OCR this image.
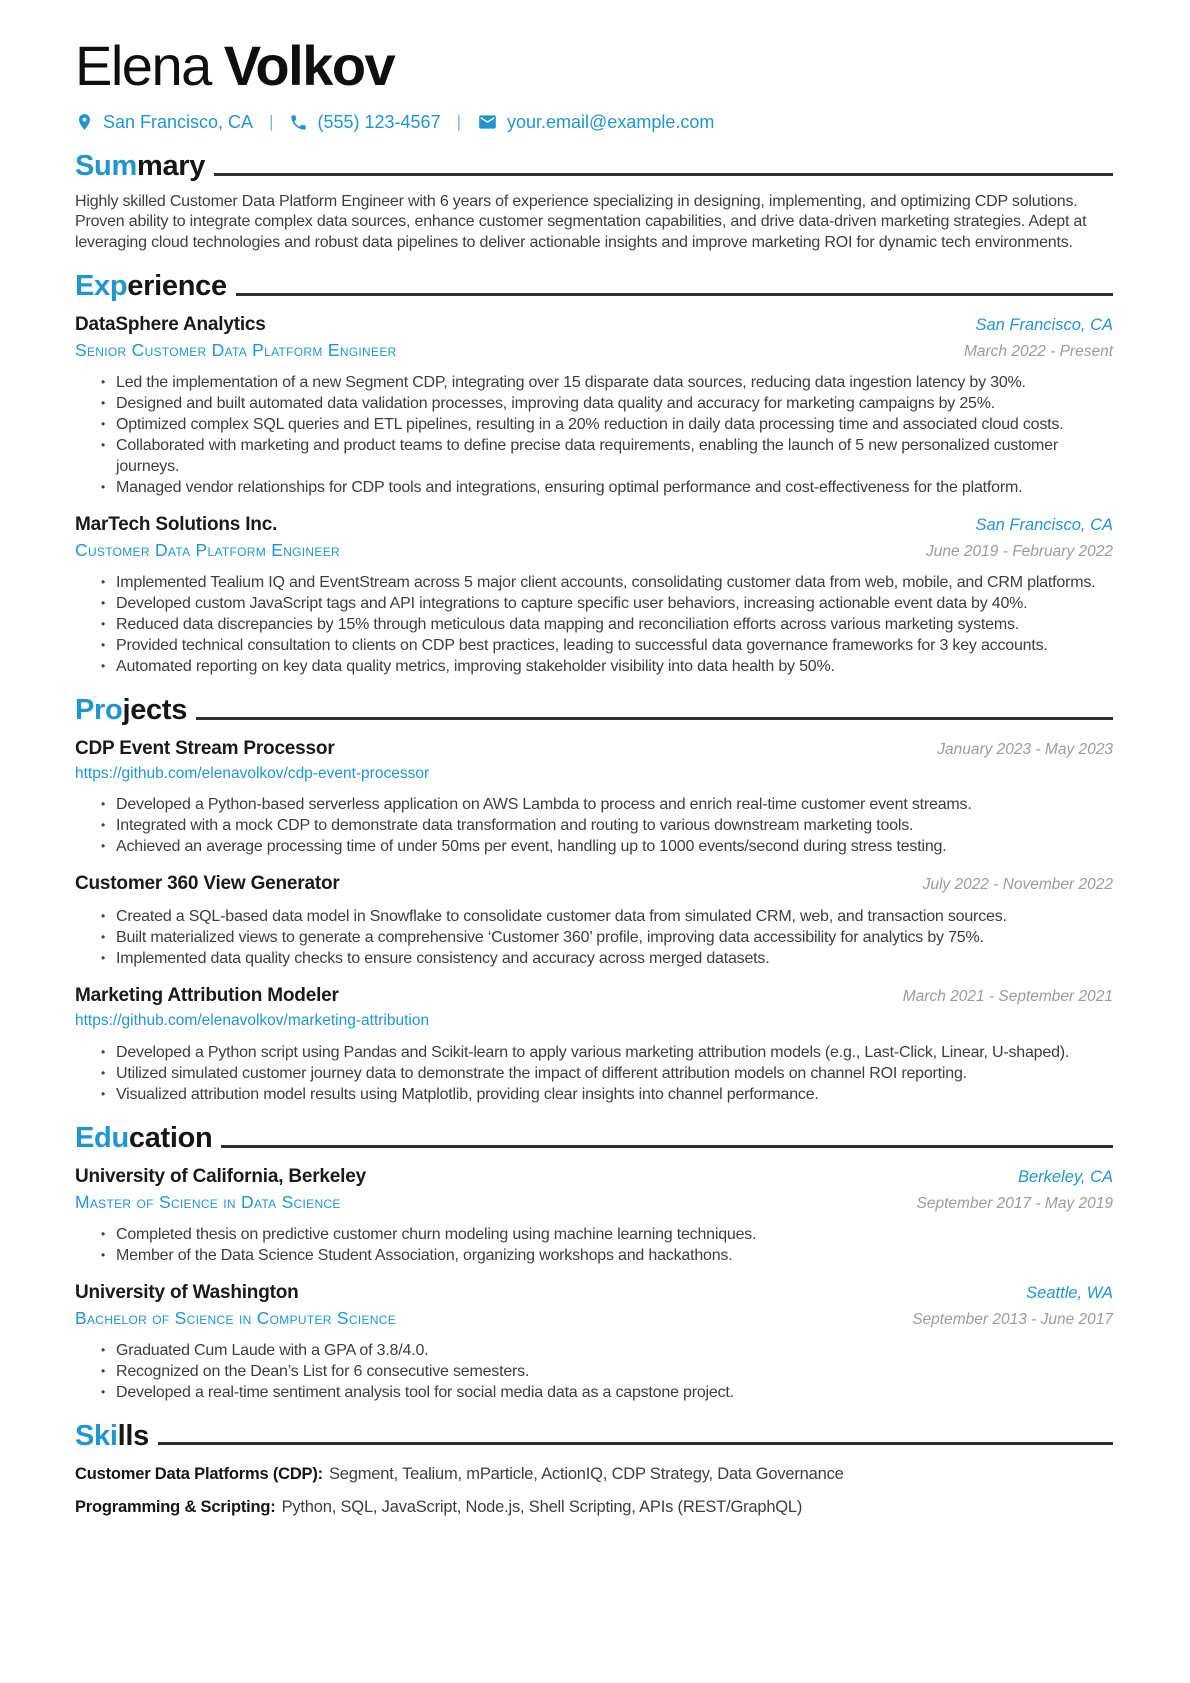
Elena Volkov
San Francisco, CA | (555) 123-4567 |	your.email@example.com
Sum mary

Highly skilled Customer Data Platform Engineer with 6 years of experience specializing in designing, implementing, and optimizing CDP solutions. Proven ability to integrate complex data sources, enhance customer segmentation capabilities, and drive data-driven marketing strategies. Adept at leveraging cloud technologies and robust data pipelines to deliver actionable insights and improve marketing ROI for dynamic tech environments.

Exp erience
DataSphere Analytics	San Francisco, CA
Senior Customer Data Platform Engineer	March 2022 - Present
• Led the implementation of a new Segment CDP, integrating over 15 disparate data sources, reducing data ingestion latency by 30%.
• Designed and built automated data validation processes, improving data quality and accuracy for marketing campaigns by 25%.
• Optimized complex SQL queries and ETL pipelines, resulting in a 20% reduction in daily data processing time and associated cloud costs.
• Collaborated with marketing and product teams to define precise data requirements, enabling the launch of 5 new personalized customer journeys.
• Managed vendor relationships for CDP tools and integrations, ensuring optimal performance and cost-effectiveness for the platform.
MarTech Solutions Inc.	San Francisco, CA
Customer Data Platform Engineer	June 2019 - February 2022
• Implemented Tealium IQ and EventStream across 5 major client accounts, consolidating customer data from web, mobile, and CRM platforms.
• Developed custom JavaScript tags and API integrations to capture specific user behaviors, increasing actionable event data by 40%.
• Reduced data discrepancies by 15% through meticulous data mapping and reconciliation efforts across various marketing systems.
• Provided technical consultation to clients on CDP best practices, leading to successful data governance frameworks for 3 key accounts.
• Automated reporting on key data quality metrics, improving stakeholder visibility into data health by 50%.
Pro jects
CDP Event Stream Processor	January 2023 - May 2023
https://github.com/elenavolkov/cdp-event-processor
• Developed a Python-based serverless application on AWS Lambda to process and enrich real-time customer event streams.
• Integrated with a mock CDP to demonstrate data transformation and routing to various downstream marketing tools.
• Achieved an average processing time of under 50ms per event, handling up to 1000 events/second during stress testing.
Customer 360 View Generator	July 2022 - November 2022
• Created a SQL-based data model in Snowflake to consolidate customer data from simulated CRM, web, and transaction sources.
• Built materialized views to generate a comprehensive ‘Customer 360’ profile, improving data accessibility for analytics by 75%.
• Implemented data quality checks to ensure consistency and accuracy across merged datasets.
Marketing Attribution Modeler	March 2021 - September 2021
https://github.com/elenavolkov/marketing-attribution
• Developed a Python script using Pandas and Scikit-learn to apply various marketing attribution models (e.g., Last-Click, Linear, U-shaped).
• Utilized simulated customer journey data to demonstrate the impact of different attribution models on channel ROI reporting.
• Visualized attribution model results using Matplotlib, providing clear insights into channel performance.
Edu cation
University of California, Berkeley	Berkeley, CA
Master of Science in Data Science	September 2017 - May 2019
• Completed thesis on predictive customer churn modeling using machine learning techniques.
• Member of the Data Science Student Association, organizing workshops and hackathons.
University of Washington	Seattle, WA
Bachelor of Science in Computer Science	September 2013 - June 2017
• Graduated Cum Laude with a GPA of 3.8/4.0.
• Recognized on the Dean’s List for 6 consecutive semesters.
• Developed a real-time sentiment analysis tool for social media data as a capstone project.
Ski lls
Customer Data Platforms (CDP): Segment, Tealium, mParticle, ActionIQ, CDP Strategy, Data Governance
Programming & Scripting: Python, SQL, JavaScript, Node.js, Shell Scripting, APIs (REST/GraphQL)
